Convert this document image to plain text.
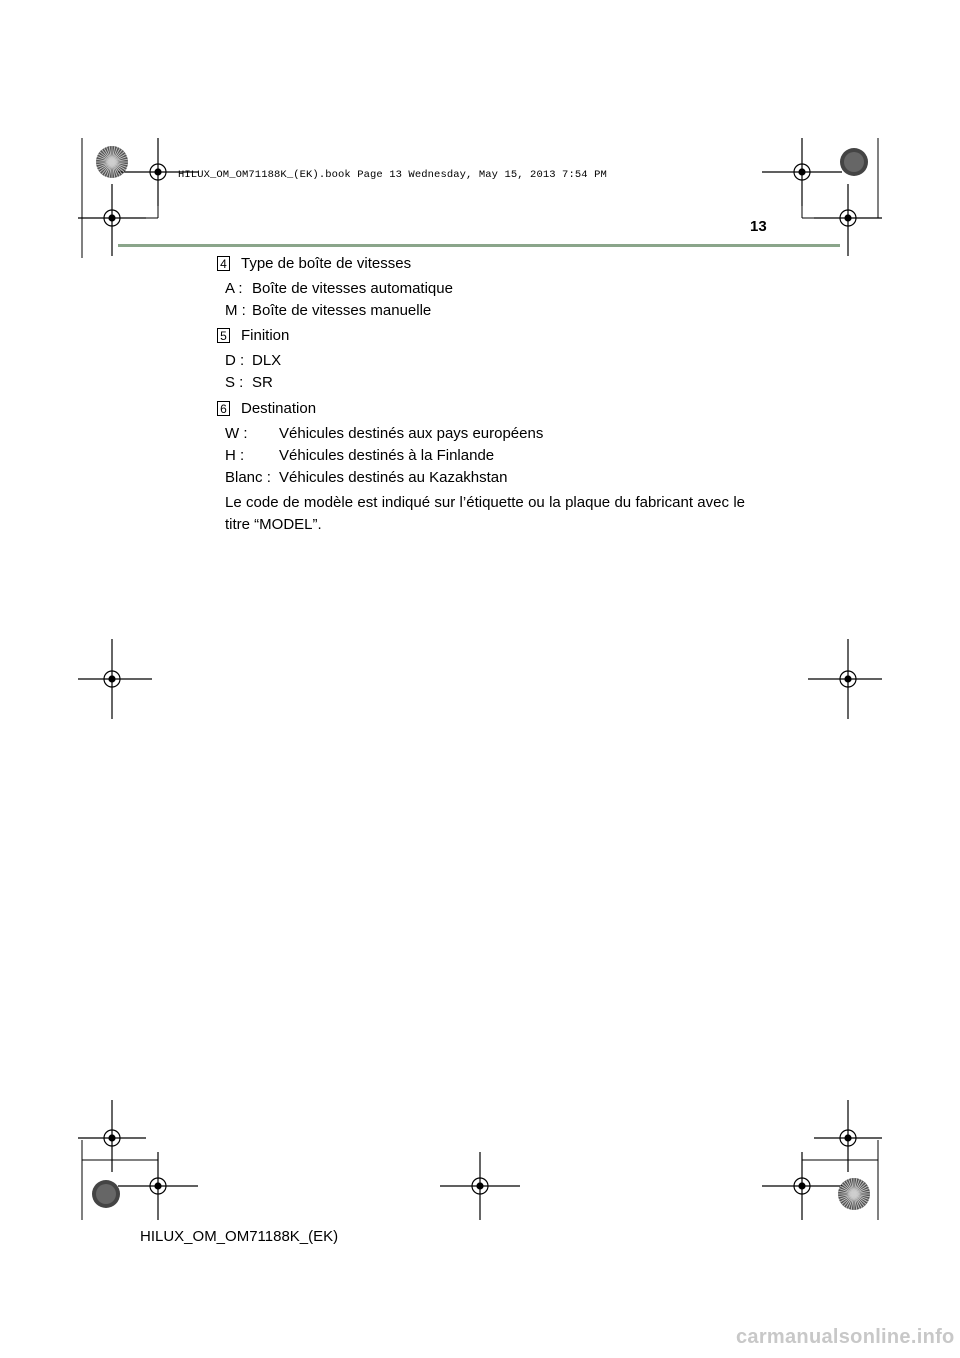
HILUX_OM_OM71188K_(EK).book Page 13 Wednesday, May 15, 2013 7:54 PM
13
4 Type de boîte de vitesses
A : Boîte de vitesses automatique
M : Boîte de vitesses manuelle
5 Finition
D : DLX
S : SR
6 Destination
W : Véhicules destinés aux pays européens
H : Véhicules destinés à la Finlande
Blanc : Véhicules destinés au Kazakhstan
Le code de modèle est indiqué sur l’étiquette ou la plaque du fabricant avec le titre “MODEL”.
HILUX_OM_OM71188K_(EK)
carmanualsonline.info
